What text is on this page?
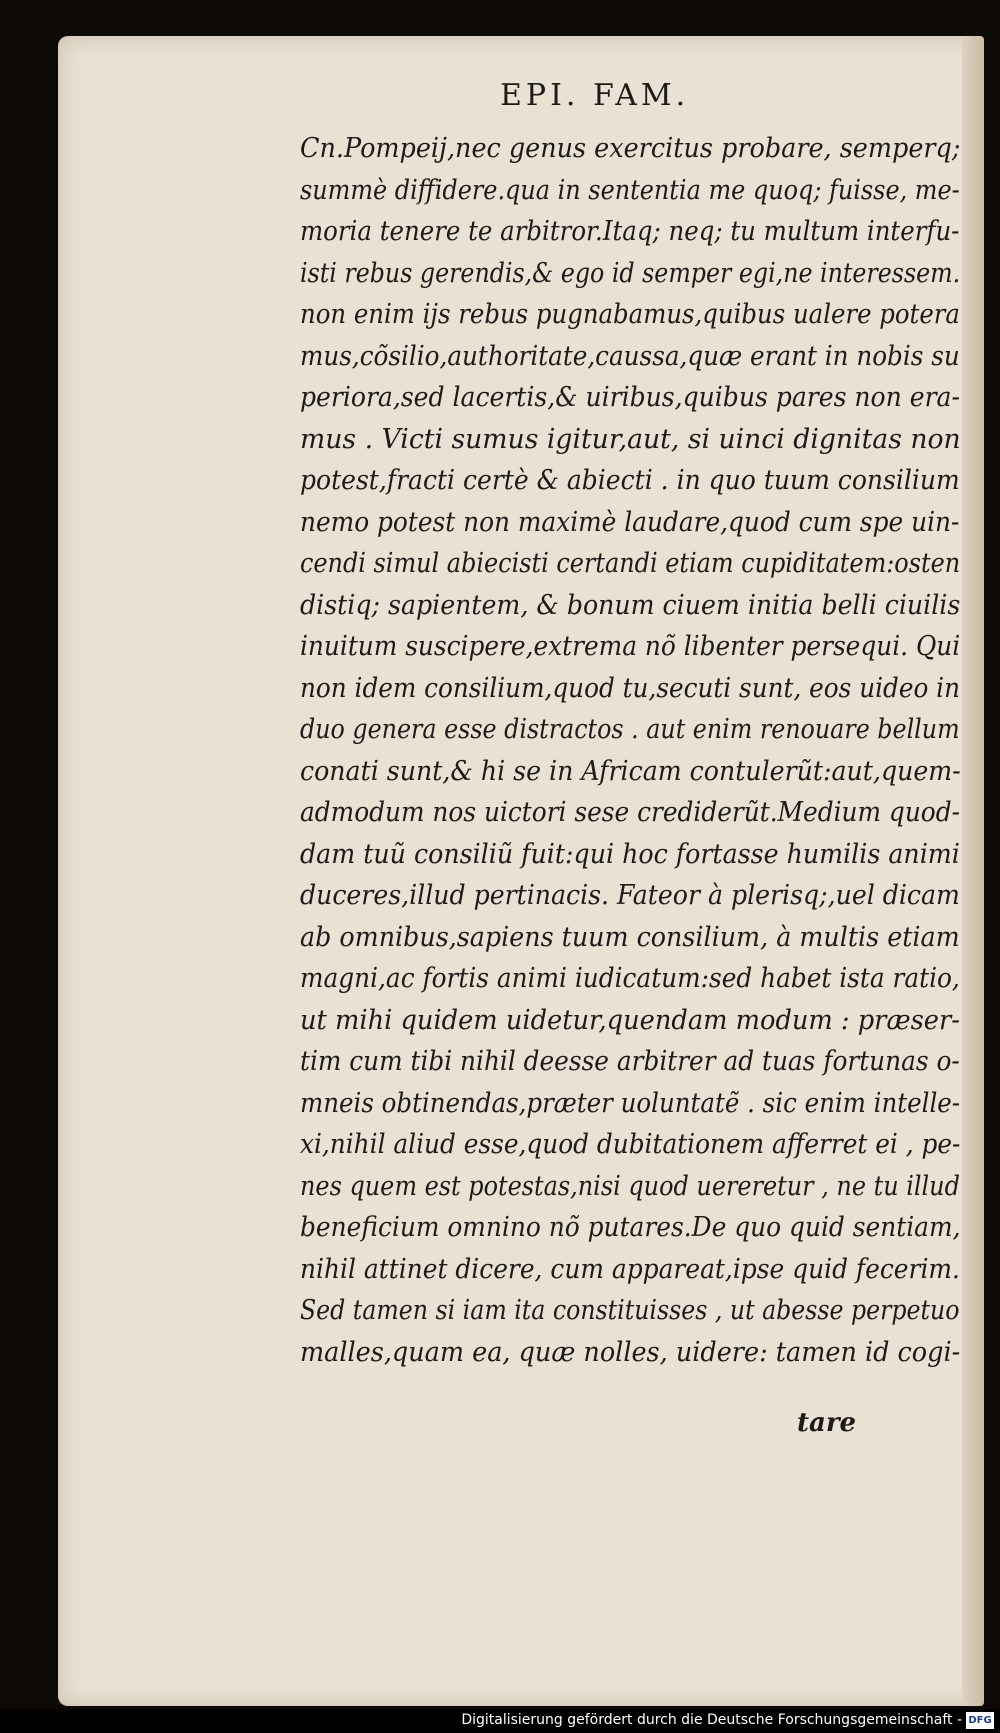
EPI. FAM.
Cn.Pompeij,nec genus exercitus probare, semperq;
summè diffidere.qua in sententia me quoq; fuisse, me-
moria tenere te arbitror.Itaq; neq; tu multum interfu-
isti rebus gerendis,& ego id semper egi,ne interessem.
non enim ijs rebus pugnabamus,quibus ualere potera
mus,cõsilio,authoritate,caussa,quæ erant in nobis su
periora,sed lacertis,& uiribus,quibus pares non era-
mus . Victi sumus igitur,aut, si uinci dignitas non
potest,fracti certè & abiecti . in quo tuum consilium
nemo potest non maximè laudare,quod cum spe uin-
cendi simul abiecisti certandi etiam cupiditatem:osten
distiq; sapientem, & bonum ciuem initia belli ciuilis
inuitum suscipere,extrema nõ libenter persequi. Qui
non idem consilium,quod tu,secuti sunt, eos uideo in
duo genera esse distractos . aut enim renouare bellum
conati sunt,& hi se in Africam contulerũt:aut,quem-
admodum nos uictori sese crediderũt.Medium quod-
dam tuũ consiliũ fuit:qui hoc fortasse humilis animi
duceres,illud pertinacis. Fateor à plerisq;,uel dicam
ab omnibus,sapiens tuum consilium, à multis etiam
magni,ac fortis animi iudicatum:sed habet ista ratio,
ut mihi quidem uidetur,quendam modum : præser-
tim cum tibi nihil deesse arbitrer ad tuas fortunas o-
mneis obtinendas,præter uoluntatẽ . sic enim intelle-
xi,nihil aliud esse,quod dubitationem afferret ei , pe-
nes quem est potestas,nisi quod uereretur , ne tu illud
beneficium omnino nõ putares.De quo quid sentiam,
nihil attinet dicere, cum appareat,ipse quid fecerim.
Sed tamen si iam ita constituisses , ut abesse perpetuo
malles,quam ea, quæ nolles, uidere: tamen id cogi-
tare
Digitalisierung gefördert durch die Deutsche Forschungsgemeinschaft - DFG
